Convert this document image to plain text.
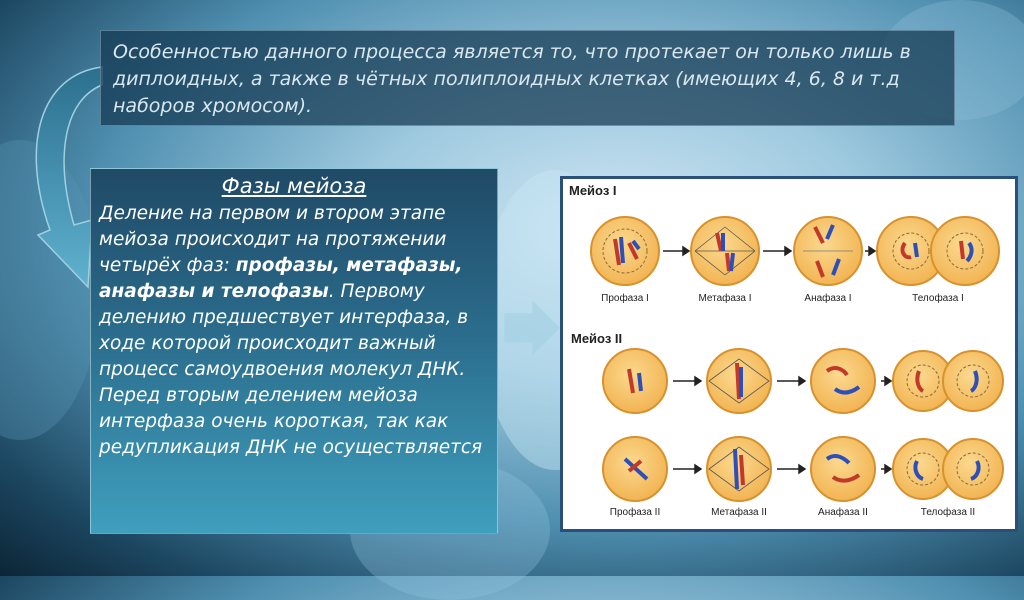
Особенностью данного процесса является то, что протекает он только лишь в диплоидных, а также в чётных полиплоидных клетках (имеющих 4, 6, 8 и т.д наборов хромосом).

Фазы мейоза
Деление на первом и втором этапе мейоза происходит на протяжении четырёх фаз: профазы, метафазы, анафазы и телофазы. Первому делению предшествует интерфаза, в ходе которой происходит важный процесс самоудвоения молекул ДНК. Перед вторым делением мейоза интерфаза очень короткая, так как редупликация ДНК не осуществляется
Мейоз I
Мейоз II
Профаза I	Метафаза I	Анафаза I	Телофаза I
Профаза II	Метафаза II	Анафаза II	Телофаза II
